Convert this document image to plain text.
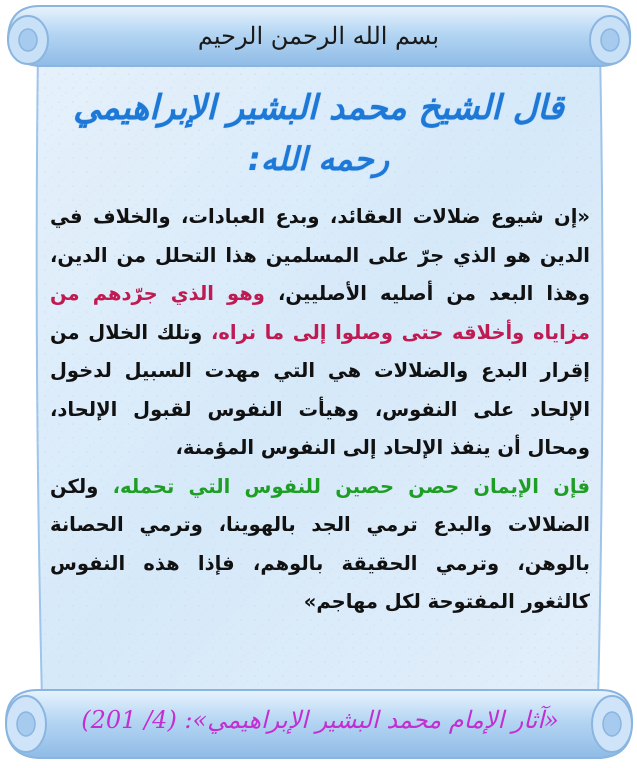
بسم الله الرحمن الرحيم
قال الشيخ محمد البشير الإبراهيمي
رحمه الله:

«إن شيوع ضلالات العقائد، وبدع العبادات، والخلاف في الدين هو الذي جرّ على المسلمين هذا التحلل من الدين، وهذا البعد من أصليه الأصليين، وهو الذي جرّدهم من مزاياه وأخلاقه حتى وصلوا إلى ما نراه، وتلك الخلال من إقرار البدع والضلالات هي التي مهدت السبيل لدخول الإلحاد على النفوس، وهيأت النفوس لقبول الإلحاد، ومحال أن ينفذ الإلحاد إلى النفوس المؤمنة،

فإن الإيمان حصن حصين للنفوس التي تحمله، ولكن الضلالات والبدع ترمي الجد بالهوينا، وترمي الحصانة بالوهن، وترمي الحقيقة بالوهم، فإذا هذه النفوس كالثغور المفتوحة لكل مهاجم»

«آثار الإمام محمد البشير الإبراهيمي»: (4/ 201)
